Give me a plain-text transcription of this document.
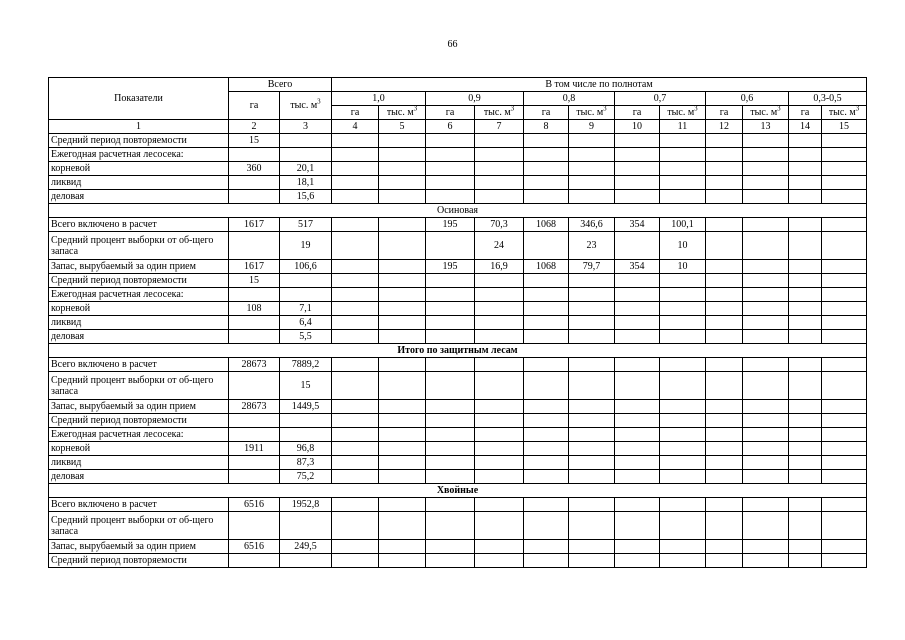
66
Показатели	Всего		В том числе по полнотам											
	га	тыс. $м^3$	1,0		0,9		0,8		0,7		0,6		0,3-0,5	
			га	тыс. $м^3$	га	тыс. $м^3$	га	тыс. $м^3$	га	тыс. $м^3$	га	тыс. $м^3$	га	тыс. $м^3$
1	2	3	4	5	6	7	8	9	10	11	12	13	14	15
Средний период повторяемости	15													
Ежегодная расчетная лесосека:														
корневой	360	20,1												
ликвид		18,1												
деловая		15,6												
Осиновая														
Всего включено в расчет	1617	517			195	70,3	1068	346,6	354	100,1				
Средний процент выборки от об-щего запаса		19				24		23		10				
Запас, вырубаемый за один прием	1617	106,6			195	16,9	1068	79,7	354	10				
Средний период повторяемости	15													
Ежегодная расчетная лесосека:														
корневой	108	7,1												
ликвид		6,4												
деловая		5,5												
Итого по защитным лесам														
Всего включено в расчет	28673	7889,2												
Средний процент выборки от об-щего запаса		15												
Запас, вырубаемый за один прием	28673	1449,5												
Средний период повторяемости														
Ежегодная расчетная лесосека:														
корневой	1911	96,8												
ликвид		87,3												
деловая		75,2												
Хвойные														
Всего включено в расчет	6516	1952,8												
Средний процент выборки от об-щего запаса														
Запас, вырубаемый за один прием	6516	249,5												
Средний период повторяемости														
